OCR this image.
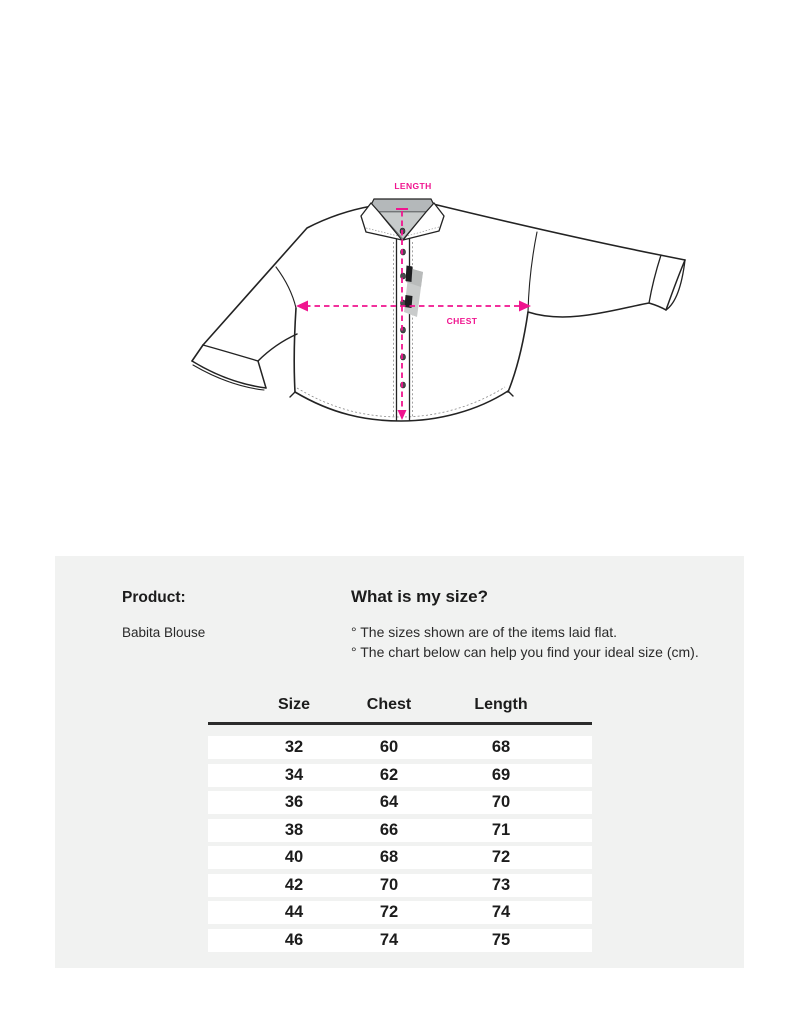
LENGTH
CHEST
Product:
Babita Blouse
What is my size?
° The sizes shown are of the items laid flat.
° The chart below can help you find your ideal size (cm).
Size	Chest	Length
32	60	68
34	62	69
36	64	70
38	66	71
40	68	72
42	70	73
44	72	74
46	74	75
